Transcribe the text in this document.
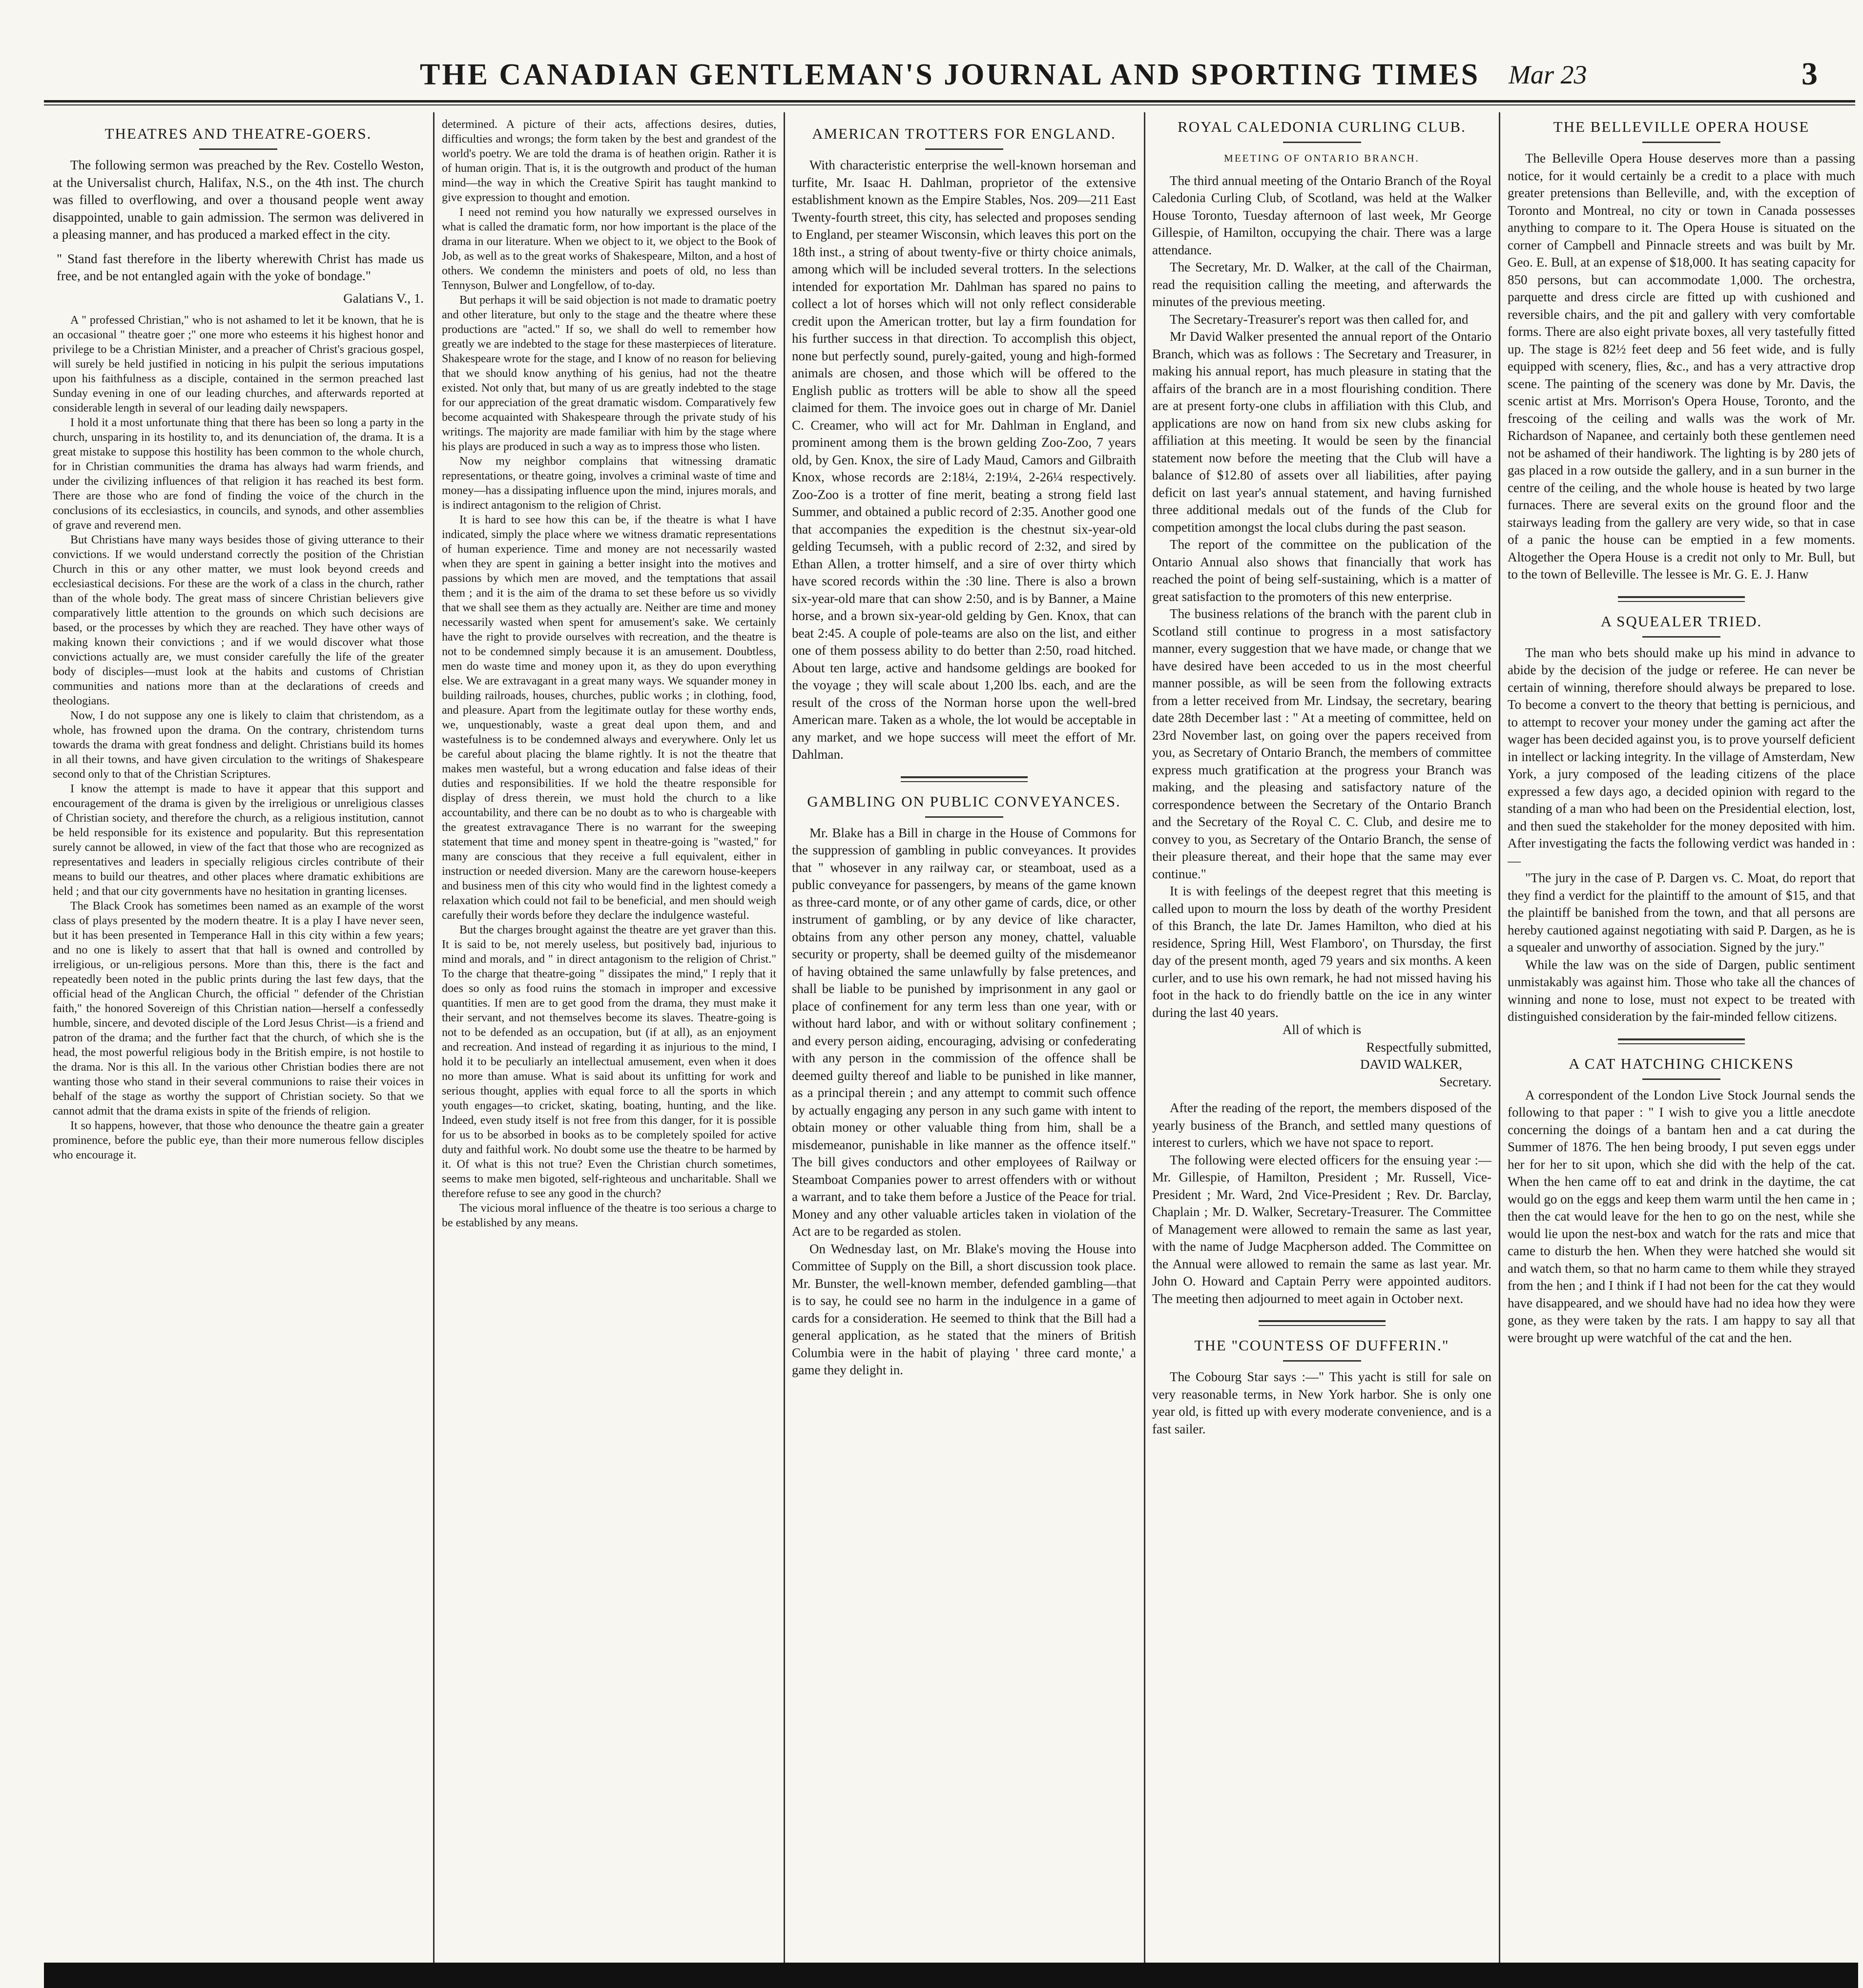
THE CANADIAN GENTLEMAN'S JOURNAL AND SPORTING TIMES Mar 23	3
THEATRES AND THEATRE-GOERS.

The following sermon was preached by the Rev. Costello Weston, at the Universalist church, Halifax, N.S., on the 4th inst. The church was filled to overflowing, and over a thousand people went away disappointed, unable to gain admission. The sermon was delivered in a pleasing manner, and has produced a marked effect in the city.

" Stand fast therefore in the liberty wherewith Christ has made us free, and be not entangled again with the yoke of bondage."

Galatians V., 1.

A " professed Christian," who is not ashamed to let it be known, that he is an occasional " theatre goer ;" one more who esteems it his highest honor and privilege to be a Christian Minister, and a preacher of Christ's gracious gospel, will surely be held justified in noticing in his pulpit the serious imputations upon his faithfulness as a disciple, contained in the sermon preached last Sunday evening in one of our leading churches, and afterwards reported at considerable length in several of our leading daily newspapers.

I hold it a most unfortunate thing that there has been so long a party in the church, unsparing in its hostility to, and its denunciation of, the drama. It is a great mistake to suppose this hostility has been common to the whole church, for in Christian communities the drama has always had warm friends, and under the civilizing influences of that religion it has reached its best form. There are those who are fond of finding the voice of the church in the conclusions of its ecclesiastics, in councils, and synods, and other assemblies of grave and reverend men.

But Christians have many ways besides those of giving utterance to their convictions. If we would understand correctly the position of the Christian Church in this or any other matter, we must look beyond creeds and ecclesiastical decisions. For these are the work of a class in the church, rather than of the whole body. The great mass of sincere Christian believers give comparatively little attention to the grounds on which such decisions are based, or the processes by which they are reached. They have other ways of making known their convictions ; and if we would discover what those convictions actually are, we must consider carefully the life of the greater body of disciples—must look at the habits and customs of Christian communities and nations more than at the declarations of creeds and theologians.

Now, I do not suppose any one is likely to claim that christendom, as a whole, has frowned upon the drama. On the contrary, christendom turns towards the drama with great fondness and delight. Christians build its homes in all their towns, and have given circulation to the writings of Shakespeare second only to that of the Christian Scriptures.

I know the attempt is made to have it appear that this support and encouragement of the drama is given by the irreligious or unreligious classes of Christian society, and therefore the church, as a religious institution, cannot be held responsible for its existence and popularity. But this representation surely cannot be allowed, in view of the fact that those who are recognized as representatives and leaders in specially religious circles contribute of their means to build our theatres, and other places where dramatic exhibitions are held ; and that our city governments have no hesitation in granting licenses.

The Black Crook has sometimes been named as an example of the worst class of plays presented by the modern theatre. It is a play I have never seen, but it has been presented in Temperance Hall in this city within a few years; and no one is likely to assert that that hall is owned and controlled by irreligious, or un-religious persons. More than this, there is the fact and repeatedly been noted in the public prints during the last few days, that the official head of the Anglican Church, the official " defender of the Christian faith," the honored Sovereign of this Christian nation—herself a confessedly humble, sincere, and devoted disciple of the Lord Jesus Christ—is a friend and patron of the drama; and the further fact that the church, of which she is the head, the most powerful religious body in the British empire, is not hostile to the drama. Nor is this all. In the various other Christian bodies there are not wanting those who stand in their several communions to raise their voices in behalf of the stage as worthy the support of Christian society. So that we cannot admit that the drama exists in spite of the friends of religion.

It so happens, however, that those who denounce the theatre gain a greater prominence, before the public eye, than their more numerous fellow disciples who encourage it.

determined. A picture of their acts, affections desires, duties, difficulties and wrongs; the form taken by the best and grandest of the world's poetry. We are told the drama is of heathen origin. Rather it is of human origin. That is, it is the outgrowth and product of the human mind—the way in which the Creative Spirit has taught mankind to give expression to thought and emotion.

I need not remind you how naturally we expressed ourselves in what is called the dramatic form, nor how important is the place of the drama in our literature. When we object to it, we object to the Book of Job, as well as to the great works of Shakespeare, Milton, and a host of others. We condemn the ministers and poets of old, no less than Tennyson, Bulwer and Longfellow, of to-day.

But perhaps it will be said objection is not made to dramatic poetry and other literature, but only to the stage and the theatre where these productions are "acted." If so, we shall do well to remember how greatly we are indebted to the stage for these masterpieces of literature. Shakespeare wrote for the stage, and I know of no reason for believing that we should know anything of his genius, had not the theatre existed. Not only that, but many of us are greatly indebted to the stage for our appreciation of the great dramatic wisdom. Comparatively few become acquainted with Shakespeare through the private study of his writings. The majority are made familiar with him by the stage where his plays are produced in such a way as to impress those who listen.

Now my neighbor complains that witnessing dramatic representations, or theatre going, involves a criminal waste of time and money—has a dissipating influence upon the mind, injures morals, and is indirect antagonism to the religion of Christ.

It is hard to see how this can be, if the theatre is what I have indicated, simply the place where we witness dramatic representations of human experience. Time and money are not necessarily wasted when they are spent in gaining a better insight into the motives and passions by which men are moved, and the temptations that assail them ; and it is the aim of the drama to set these before us so vividly that we shall see them as they actually are. Neither are time and money necessarily wasted when spent for amusement's sake. We certainly have the right to provide ourselves with recreation, and the theatre is not to be condemned simply because it is an amusement. Doubtless, men do waste time and money upon it, as they do upon everything else. We are extravagant in a great many ways. We squander money in building railroads, houses, churches, public works ; in clothing, food, and pleasure. Apart from the legitimate outlay for these worthy ends, we, unquestionably, waste a great deal upon them, and and wastefulness is to be condemned always and everywhere. Only let us be careful about placing the blame rightly. It is not the theatre that makes men wasteful, but a wrong education and false ideas of their duties and responsibilities. If we hold the theatre responsible for display of dress therein, we must hold the church to a like accountability, and there can be no doubt as to who is chargeable with the greatest extravagance There is no warrant for the sweeping statement that time and money spent in theatre-going is "wasted," for many are conscious that they receive a full equivalent, either in instruction or needed diversion. Many are the careworn house-keepers and business men of this city who would find in the lightest comedy a relaxation which could not fail to be beneficial, and men should weigh carefully their words before they declare the indulgence wasteful.

But the charges brought against the theatre are yet graver than this. It is said to be, not merely useless, but positively bad, injurious to mind and morals, and " in direct antagonism to the religion of Christ." To the charge that theatre-going " dissipates the mind," I reply that it does so only as food ruins the stomach in improper and excessive quantities. If men are to get good from the drama, they must make it their servant, and not themselves become its slaves. Theatre-going is not to be defended as an occupation, but (if at all), as an enjoyment and recreation. And instead of regarding it as injurious to the mind, I hold it to be peculiarly an intellectual amusement, even when it does no more than amuse. What is said about its unfitting for work and serious thought, applies with equal force to all the sports in which youth engages—to cricket, skating, boating, hunting, and the like. Indeed, even study itself is not free from this danger, for it is possible for us to be absorbed in books as to be completely spoiled for active duty and faithful work. No doubt some use the theatre to be harmed by it. Of what is this not true? Even the Christian church sometimes, seems to make men bigoted, self-righteous and uncharitable. Shall we therefore refuse to see any good in the church?

The vicious moral influence of the theatre is too serious a charge to be established by any means.

AMERICAN TROTTERS FOR ENGLAND.

With characteristic enterprise the well-known horseman and turfite, Mr. Isaac H. Dahlman, proprietor of the extensive establishment known as the Empire Stables, Nos. 209—211 East Twenty-fourth street, this city, has selected and proposes sending to England, per steamer Wisconsin, which leaves this port on the 18th inst., a string of about twenty-five or thirty choice animals, among which will be included several trotters. In the selections intended for exportation Mr. Dahlman has spared no pains to collect a lot of horses which will not only reflect considerable credit upon the American trotter, but lay a firm foundation for his further success in that direction. To accomplish this object, none but perfectly sound, purely-gaited, young and high-formed animals are chosen, and those which will be offered to the English public as trotters will be able to show all the speed claimed for them. The invoice goes out in charge of Mr. Daniel C. Creamer, who will act for Mr. Dahlman in England, and prominent among them is the brown gelding Zoo-Zoo, 7 years old, by Gen. Knox, the sire of Lady Maud, Camors and Gilbraith Knox, whose records are 2:18¼, 2:19¼, 2-26¼ respectively. Zoo-Zoo is a trotter of fine merit, beating a strong field last Summer, and obtained a public record of 2:35. Another good one that accompanies the expedition is the chestnut six-year-old gelding Tecumseh, with a public record of 2:32, and sired by Ethan Allen, a trotter himself, and a sire of over thirty which have scored records within the :30 line. There is also a brown six-year-old mare that can show 2:50, and is by Banner, a Maine horse, and a brown six-year-old gelding by Gen. Knox, that can beat 2:45. A couple of pole-teams are also on the list, and either one of them possess ability to do better than 2:50, road hitched. About ten large, active and handsome geldings are booked for the voyage ; they will scale about 1,200 lbs. each, and are the result of the cross of the Norman horse upon the well-bred American mare. Taken as a whole, the lot would be acceptable in any market, and we hope success will meet the effort of Mr. Dahlman.

GAMBLING ON PUBLIC CONVEYANCES.

Mr. Blake has a Bill in charge in the House of Commons for the suppression of gambling in public conveyances. It provides that " whosever in any railway car, or steamboat, used as a public conveyance for passengers, by means of the game known as three-card monte, or of any other game of cards, dice, or other instrument of gambling, or by any device of like character, obtains from any other person any money, chattel, valuable security or property, shall be deemed guilty of the misdemeanor of having obtained the same unlawfully by false pretences, and shall be liable to be punished by imprisonment in any gaol or place of confinement for any term less than one year, with or without hard labor, and with or without solitary confinement ; and every person aiding, encouraging, advising or confederating with any person in the commission of the offence shall be deemed guilty thereof and liable to be punished in like manner, as a principal therein ; and any attempt to commit such offence by actually engaging any person in any such game with intent to obtain money or other valuable thing from him, shall be a misdemeanor, punishable in like manner as the offence itself." The bill gives conductors and other employees of Railway or Steamboat Companies power to arrest offenders with or without a warrant, and to take them before a Justice of the Peace for trial. Money and any other valuable articles taken in violation of the Act are to be regarded as stolen.

On Wednesday last, on Mr. Blake's moving the House into Committee of Supply on the Bill, a short discussion took place. Mr. Bunster, the well-known member, defended gambling—that is to say, he could see no harm in the indulgence in a game of cards for a consideration. He seemed to think that the Bill had a general application, as he stated that the miners of British Columbia were in the habit of playing ' three card monte,' a game they delight in.

ROYAL CALEDONIA CURLING CLUB.
MEETING OF ONTARIO BRANCH.

The third annual meeting of the Ontario Branch of the Royal Caledonia Curling Club, of Scotland, was held at the Walker House Toronto, Tuesday afternoon of last week, Mr George Gillespie, of Hamilton, occupying the chair. There was a large attendance.

The Secretary, Mr. D. Walker, at the call of the Chairman, read the requisition calling the meeting, and afterwards the minutes of the previous meeting.

The Secretary-Treasurer's report was then called for, and

Mr David Walker presented the annual report of the Ontario Branch, which was as follows : The Secretary and Treasurer, in making his annual report, has much pleasure in stating that the affairs of the branch are in a most flourishing condition. There are at present forty-one clubs in affiliation with this Club, and applications are now on hand from six new clubs asking for affiliation at this meeting. It would be seen by the financial statement now before the meeting that the Club will have a balance of $12.80 of assets over all liabilities, after paying deficit on last year's annual statement, and having furnished three additional medals out of the funds of the Club for competition amongst the local clubs during the past season.

The report of the committee on the publication of the Ontario Annual also shows that financially that work has reached the point of being self-sustaining, which is a matter of great satisfaction to the promoters of this new enterprise.

The business relations of the branch with the parent club in Scotland still continue to progress in a most satisfactory manner, every suggestion that we have made, or change that we have desired have been acceded to us in the most cheerful manner possible, as will be seen from the following extracts from a letter received from Mr. Lindsay, the secretary, bearing date 28th December last : " At a meeting of committee, held on 23rd November last, on going over the papers received from you, as Secretary of Ontario Branch, the members of committee express much gratification at the progress your Branch was making, and the pleasing and satisfactory nature of the correspondence between the Secretary of the Ontario Branch and the Secretary of the Royal C. C. Club, and desire me to convey to you, as Secretary of the Ontario Branch, the sense of their pleasure thereat, and their hope that the same may ever continue."

It is with feelings of the deepest regret that this meeting is called upon to mourn the loss by death of the worthy President of this Branch, the late Dr. James Hamilton, who died at his residence, Spring Hill, West Flamboro', on Thursday, the first day of the present month, aged 79 years and six months. A keen curler, and to use his own remark, he had not missed having his foot in the hack to do friendly battle on the ice in any winter during the last 40 years.

All of which is

Respectfully submitted,

DAVID WALKER,

Secretary.

After the reading of the report, the members disposed of the yearly business of the Branch, and settled many questions of interest to curlers, which we have not space to report.

The following were elected officers for the ensuing year :—Mr. Gillespie, of Hamilton, President ; Mr. Russell, Vice-President ; Mr. Ward, 2nd Vice-President ; Rev. Dr. Barclay, Chaplain ; Mr. D. Walker, Secretary-Treasurer. The Committee of Management were allowed to remain the same as last year, with the name of Judge Macpherson added. The Committee on the Annual were allowed to remain the same as last year. Mr. John O. Howard and Captain Perry were appointed auditors. The meeting then adjourned to meet again in October next.

THE "COUNTESS OF DUFFERIN."

The Cobourg Star says :—" This yacht is still for sale on very reasonable terms, in New York harbor. She is only one year old, is fitted up with every moderate convenience, and is a fast sailer.

THE BELLEVILLE OPERA HOUSE

The Belleville Opera House deserves more than a passing notice, for it would certainly be a credit to a place with much greater pretensions than Belleville, and, with the exception of Toronto and Montreal, no city or town in Canada possesses anything to compare to it. The Opera House is situated on the corner of Campbell and Pinnacle streets and was built by Mr. Geo. E. Bull, at an expense of $18,000. It has seating capacity for 850 persons, but can accommodate 1,000. The orchestra, parquette and dress circle are fitted up with cushioned and reversible chairs, and the pit and gallery with very comfortable forms. There are also eight private boxes, all very tastefully fitted up. The stage is 82½ feet deep and 56 feet wide, and is fully equipped with scenery, flies, &c., and has a very attractive drop scene. The painting of the scenery was done by Mr. Davis, the scenic artist at Mrs. Morrison's Opera House, Toronto, and the frescoing of the ceiling and walls was the work of Mr. Richardson of Napanee, and certainly both these gentlemen need not be ashamed of their handiwork. The lighting is by 280 jets of gas placed in a row outside the gallery, and in a sun burner in the centre of the ceiling, and the whole house is heated by two large furnaces. There are several exits on the ground floor and the stairways leading from the gallery are very wide, so that in case of a panic the house can be emptied in a few moments. Altogether the Opera House is a credit not only to Mr. Bull, but to the town of Belleville. The lessee is Mr. G. E. J. Hanw

A SQUEALER TRIED.

The man who bets should make up his mind in advance to abide by the decision of the judge or referee. He can never be certain of winning, therefore should always be prepared to lose. To become a convert to the theory that betting is pernicious, and to attempt to recover your money under the gaming act after the wager has been decided against you, is to prove yourself deficient in intellect or lacking integrity. In the village of Amsterdam, New York, a jury composed of the leading citizens of the place expressed a few days ago, a decided opinion with regard to the standing of a man who had been on the Presidential election, lost, and then sued the stakeholder for the money deposited with him. After investigating the facts the following verdict was handed in :—

"The jury in the case of P. Dargen vs. C. Moat, do report that they find a verdict for the plaintiff to the amount of $15, and that the plaintiff be banished from the town, and that all persons are hereby cautioned against negotiating with said P. Dargen, as he is a squealer and unworthy of association. Signed by the jury."

While the law was on the side of Dargen, public sentiment unmistakably was against him. Those who take all the chances of winning and none to lose, must not expect to be treated with distinguished consideration by the fair-minded fellow citizens.

A CAT HATCHING CHICKENS

A correspondent of the London Live Stock Journal sends the following to that paper : " I wish to give you a little anecdote concerning the doings of a bantam hen and a cat during the Summer of 1876. The hen being broody, I put seven eggs under her for her to sit upon, which she did with the help of the cat. When the hen came off to eat and drink in the daytime, the cat would go on the eggs and keep them warm until the hen came in ; then the cat would leave for the hen to go on the nest, while she would lie upon the nest-box and watch for the rats and mice that came to disturb the hen. When they were hatched she would sit and watch them, so that no harm came to them while they strayed from the hen ; and I think if I had not been for the cat they would have disappeared, and we should have had no idea how they were gone, as they were taken by the rats. I am happy to say all that were brought up were watchful of the cat and the hen.
